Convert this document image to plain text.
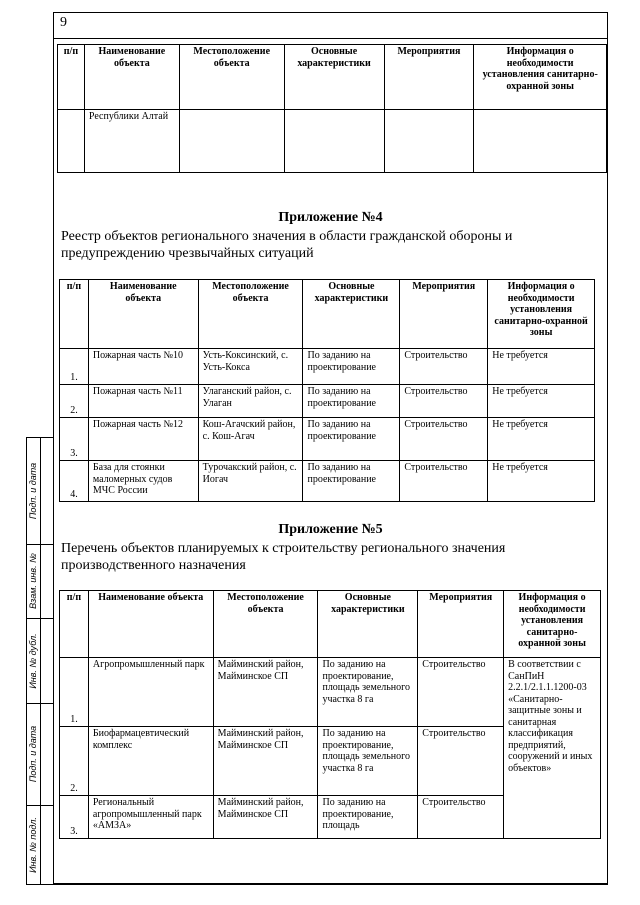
9
п/п	Наименование объекта	Местоположение объекта	Основные характеристики	Мероприятия	Информация о необходимости установления санитарно-охранной зоны
	Республики Алтай				
Приложение №4
Реестр объектов регионального значения в области гражданской обороны и предупреждению чрезвычайных ситуаций
п/п	Наименование объекта	Местоположение объекта	Основные характеристики	Мероприятия	Информация о необходимости установления санитарно-охранной зоны
1.	Пожарная часть №10	Усть-Коксинский, с. Усть-Кокса	По заданию на проектирование	Строительство	Не требуется
2.	Пожарная часть №11	Улаганский район, с. Улаган	По заданию на проектирование	Строительство	Не требуется
3.	Пожарная часть №12	Кош-Агачский район, с. Кош-Агач	По заданию на проектирование	Строительство	Не требуется
4.	База для стоянки маломерных судов МЧС России	Турочакский район, с. Иогач	По заданию на проектирование	Строительство	Не требуется
Приложение №5
Перечень объектов планируемых к строительству регионального значения производственного назначения
п/п	Наименование объекта	Местоположение объекта	Основные характеристики	Мероприятия	Информация о необходимости установления санитарно-охранной зоны
1.	Агропромышленный парк	Майминский район, Майминское СП	По заданию на проектирование, площадь земельного участка 8 га	Строительство	В соответствии с СанПиН 2.2.1/2.1.1.1200-03 «Санитарно-защитные зоны и санитарная классификация предприятий, сооружений и иных объектов»
2.	Биофармацевтический комплекс	Майминский район, Майминское СП	По заданию на проектирование, площадь земельного участка 8 га	Строительство	
3.	Региональный агропромышленный парк «АМЗА»	Майминский район, Майминское СП	По заданию на проектирование, площадь	Строительство	
Подп. и дата
Взам. инв. №
Инв. № дубл.
Подп. и дата
Инв. № подл.
